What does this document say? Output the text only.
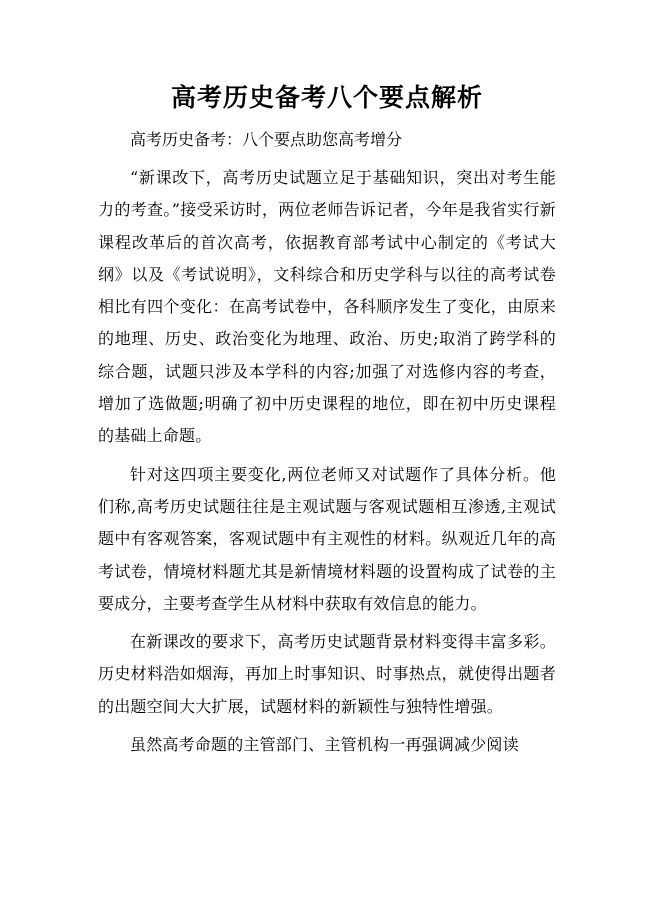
高考历史备考八个要点解析

高考历史备考：八个要点助您高考增分

“新课改下，高考历史试题立足于基础知识，突出对考生能力的考查。”接受采访时，两位老师告诉记者，今年是我省实行新课程改革后的首次高考，依据教育部考试中心制定的《考试大纲》以及《考试说明》，文科综合和历史学科与以往的高考试卷相比有四个变化：在高考试卷中，各科顺序发生了变化，由原来的地理、历史、政治变化为地理、政治、历史;取消了跨学科的综合题，试题只涉及本学科的内容;加强了对选修内容的考查，增加了选做题;明确了初中历史课程的地位，即在初中历史课程的基础上命题。

针对这四项主要变化,两位老师又对试题作了具体分析。他们称,高考历史试题往往是主观试题与客观试题相互渗透,主观试题中有客观答案，客观试题中有主观性的材料。纵观近几年的高考试卷，情境材料题尤其是新情境材料题的设置构成了试卷的主要成分，主要考查学生从材料中获取有效信息的能力。

在新课改的要求下，高考历史试题背景材料变得丰富多彩。历史材料浩如烟海，再加上时事知识、时事热点，就使得出题者的出题空间大大扩展，试题材料的新颖性与独特性增强。

虽然高考命题的主管部门、主管机构一再强调减少阅读
